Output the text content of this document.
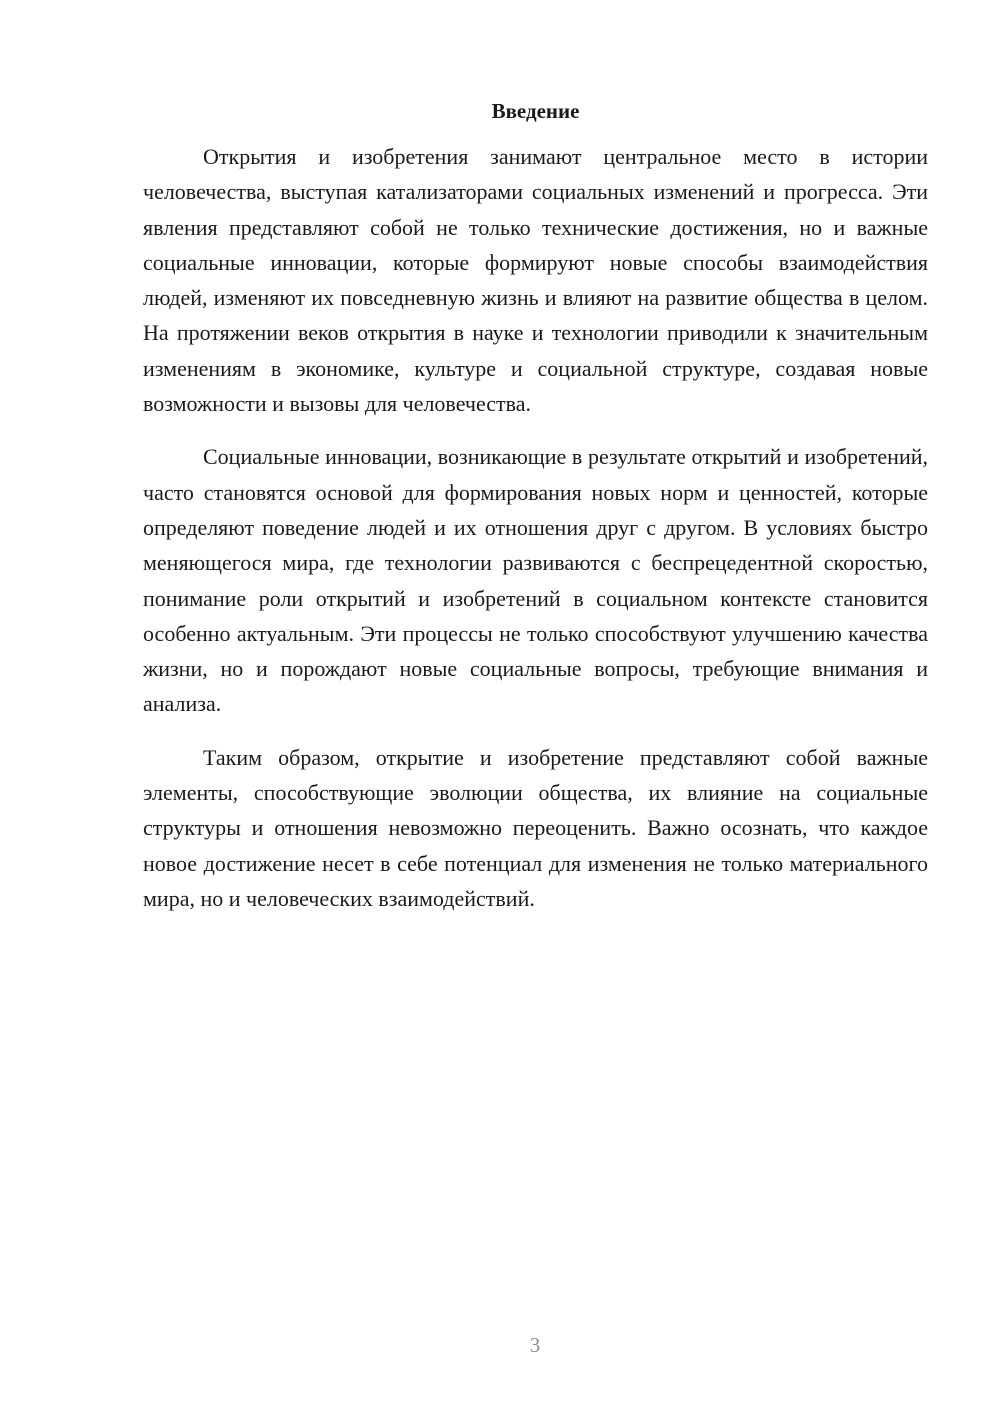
Введение

Открытия и изобретения занимают центральное место в истории человечества, выступая катализаторами социальных изменений и прогресса. Эти явления представляют собой не только технические достижения, но и важные социальные инновации, которые формируют новые способы взаимодействия людей, изменяют их повседневную жизнь и влияют на развитие общества в целом. На протяжении веков открытия в науке и технологии приводили к значительным изменениям в экономике, культуре и социальной структуре, создавая новые возможности и вызовы для человечества.

Социальные инновации, возникающие в результате открытий и изобретений, часто становятся основой для формирования новых норм и ценностей, которые определяют поведение людей и их отношения друг с другом. В условиях быстро меняющегося мира, где технологии развиваются с беспрецедентной скоростью, понимание роли открытий и изобретений в социальном контексте становится особенно актуальным. Эти процессы не только способствуют улучшению качества жизни, но и порождают новые социальные вопросы, требующие внимания и анализа.

Таким образом, открытие и изобретение представляют собой важные элементы, способствующие эволюции общества, их влияние на социальные структуры и отношения невозможно переоценить. Важно осознать, что каждое новое достижение несет в себе потенциал для изменения не только материального мира, но и человеческих взаимодействий.

3
